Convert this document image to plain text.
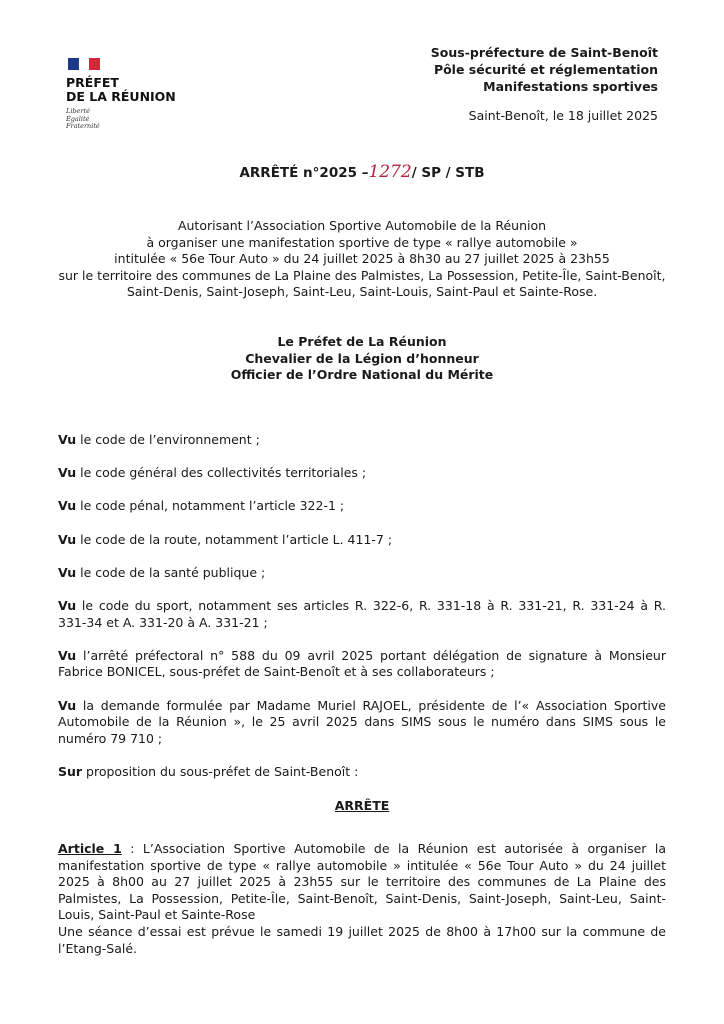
PRÉFET
DE LA RÉUNION
Liberté
Égalité
Fraternité
Sous-préfecture de Saint-Benoît
Pôle sécurité et réglementation
Manifestations sportives
Saint-Benoît, le 18 juillet 2025
ARRÊTÉ n°2025 –1272/ SP / STB
Autorisant l’Association Sportive Automobile de la Réunion
à organiser une manifestation sportive de type « rallye automobile »
intitulée « 56e Tour Auto » du 24 juillet 2025 à 8h30 au 27 juillet 2025 à 23h55
sur le territoire des communes de La Plaine des Palmistes, La Possession, Petite-Île, Saint-Benoît, Saint-Denis, Saint-Joseph, Saint-Leu, Saint-Louis, Saint-Paul et Sainte-Rose.
Le Préfet de La Réunion
Chevalier de la Légion d’honneur
Officier de l’Ordre National du Mérite

Vu le code de l’environnement ;

Vu le code général des collectivités territoriales ;

Vu le code pénal, notamment l’article 322-1 ;

Vu le code de la route, notamment l’article L. 411-7 ;

Vu le code de la santé publique ;

Vu le code du sport, notamment ses articles R. 322-6, R. 331-18 à R. 331-21, R. 331-24 à R. 331-34 et A. 331-20 à A. 331-21 ;

Vu l’arrêté préfectoral n° 588 du 09 avril 2025 portant délégation de signature à Monsieur Fabrice BONICEL, sous-préfet de Saint-Benoît et à ses collaborateurs ;

Vu la demande formulée par Madame Muriel RAJOEL, présidente de l’« Association Sportive Automobile de la Réunion », le 25 avril 2025 dans SIMS sous le numéro dans SIMS sous le numéro 79 710 ;

Sur proposition du sous-préfet de Saint-Benoît :

ARRÊTE

Article 1 : L’Association Sportive Automobile de la Réunion est autorisée à organiser la manifestation sportive de type « rallye automobile » intitulée « 56e Tour Auto » du 24 juillet 2025 à 8h00 au 27 juillet 2025 à 23h55 sur le territoire des communes de La Plaine des Palmistes, La Possession, Petite-Île, Saint-Benoît, Saint-Denis, Saint-Joseph, Saint-Leu, Saint-Louis, Saint-Paul et Sainte-Rose

Une séance d’essai est prévue le samedi 19 juillet 2025 de 8h00 à 17h00 sur la commune de l’Etang-Salé.
